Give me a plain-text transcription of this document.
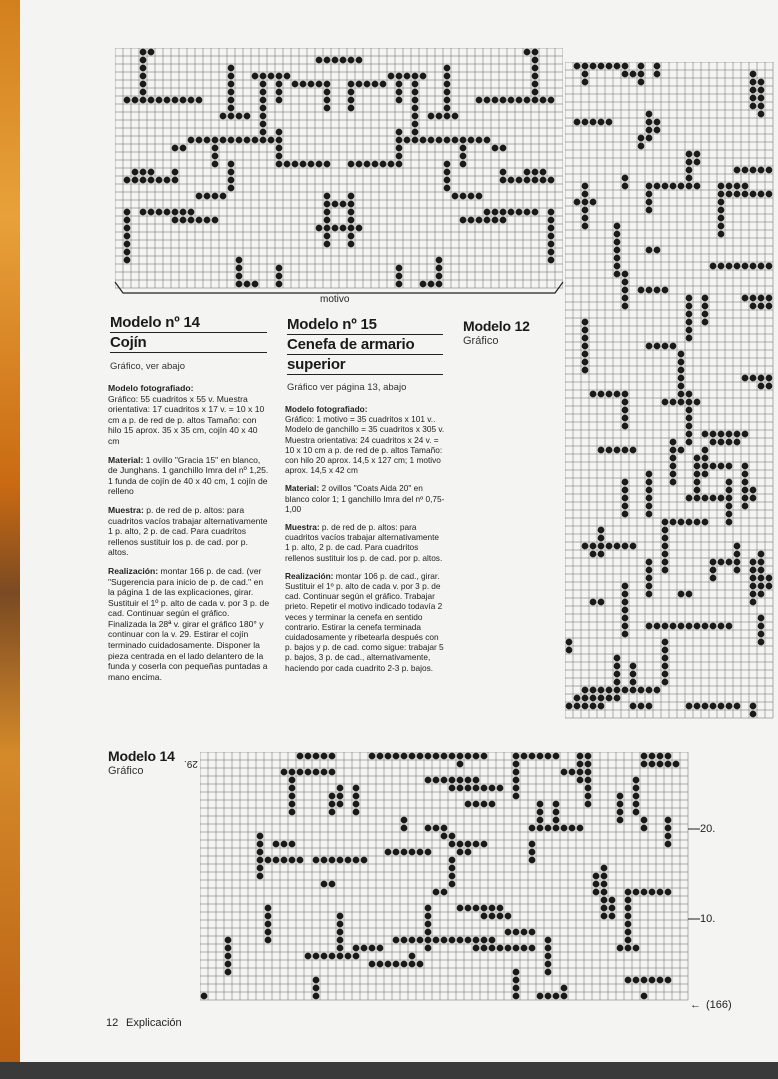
motivo
Modelo nº 14
Cojín
Gráfico, ver abajo

Modelo fotografiado:
Gráfico: 55 cuadritos x 55 v. Muestra orientativa: 17 cuadritos x 17 v. = 10 x 10 cm a p. de red de p. altos Tamaño: con hilo 15 aprox. 35 x 35 cm, cojín 40 x 40 cm

Material: 1 ovillo "Gracia 15" en blanco, de Junghans. 1 ganchillo Imra del nº 1,25. 1 funda de cojín de 40 x 40 cm, 1 cojín de relleno

Muestra: p. de red de p. altos: para cuadritos vacíos trabajar alternativamente 1 p. alto, 2 p. de cad. Para cuadritos rellenos sustituir los p. de cad. por p. altos.

Realización: montar 166 p. de cad. (ver "Sugerencia para inicio de p. de cad." en la página 1 de las explicaciones, girar. Sustituir el 1º p. alto de cada v. por 3 p. de cad. Continuar según el gráfico. Finalizada la 28ª v. girar el gráfico 180° y continuar con la v. 29. Estirar el cojín terminado cuidadosamente. Disponer la pieza centrada en el lado delantero de la funda y coserla con pequeñas puntadas a mano encima.

Modelo nº 15
Cenefa de armario
superior
Gráfico ver página 13, abajo

Modelo fotografiado:
Gráfico: 1 motivo = 35 cuadritos x 101 v.. Modelo de ganchillo = 35 cuadritos x 305 v. Muestra orientativa: 24 cuadritos x 24 v. = 10 x 10 cm a p. de red de p. altos Tamaño: con hilo 20 aprox. 14,5 x 127 cm; 1 motivo aprox. 14,5 x 42 cm

Material: 2 ovillos "Coats Aida 20" en blanco color 1; 1 ganchillo Imra del nº 0,75-1,00

Muestra: p. de red de p. altos: para cuadritos vacíos trabajar alternativamente 1 p. alto, 2 p. de cad. Para cuadritos rellenos sustituir los p. de cad. por p. altos.

Realización: montar 106 p. de cad., girar. Sustituir el 1º p. alto de cada v. por 3 p. de cad. Continuar según el gráfico. Trabajar prieto. Repetir el motivo indicado todavía 2 veces y terminar la cenefa en sentido contrario. Estirar la cenefa terminada cuidadosamente y ribetearla después con p. bajos y p. de cad. como sigue: trabajar 5 p. bajos, 3 p. de cad., alternativamente, haciendo por cada cuadrito 2-3 p. bajos.

Modelo 12
Gráfico
Modelo 14
Gráfico
29.
20.
10.
← (166)
12 Explicación
